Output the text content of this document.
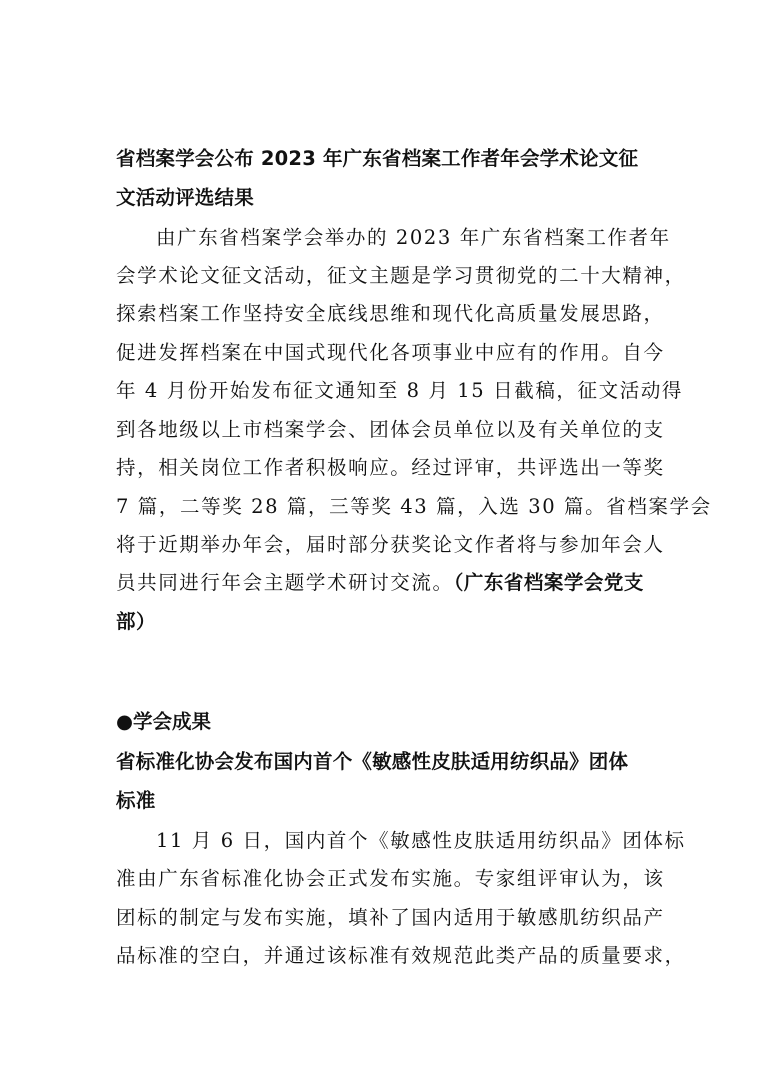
省档案学会公布 2023 年广东省档案工作者年会学术论文征

文活动评选结果

由广东省档案学会举办的 2023 年广东省档案工作者年

会学术论文征文活动，征文主题是学习贯彻党的二十大精神，

探索档案工作坚持安全底线思维和现代化高质量发展思路，

促进发挥档案在中国式现代化各项事业中应有的作用。自今

年 4 月份开始发布征文通知至 8 月 15 日截稿，征文活动得

到各地级以上市档案学会、团体会员单位以及有关单位的支

持，相关岗位工作者积极响应。经过评审，共评选出一等奖

7 篇，二等奖 28 篇，三等奖 43 篇，入选 30 篇。省档案学会

将于近期举办年会，届时部分获奖论文作者将与参加年会人

员共同进行年会主题学术研讨交流。（广东省档案学会党支

部）

●学会成果

省标准化协会发布国内首个《敏感性皮肤适用纺织品》团体

标准

11 月 6 日，国内首个《敏感性皮肤适用纺织品》团体标

准由广东省标准化协会正式发布实施。专家组评审认为，该

团标的制定与发布实施，填补了国内适用于敏感肌纺织品产

品标准的空白，并通过该标准有效规范此类产品的质量要求，
